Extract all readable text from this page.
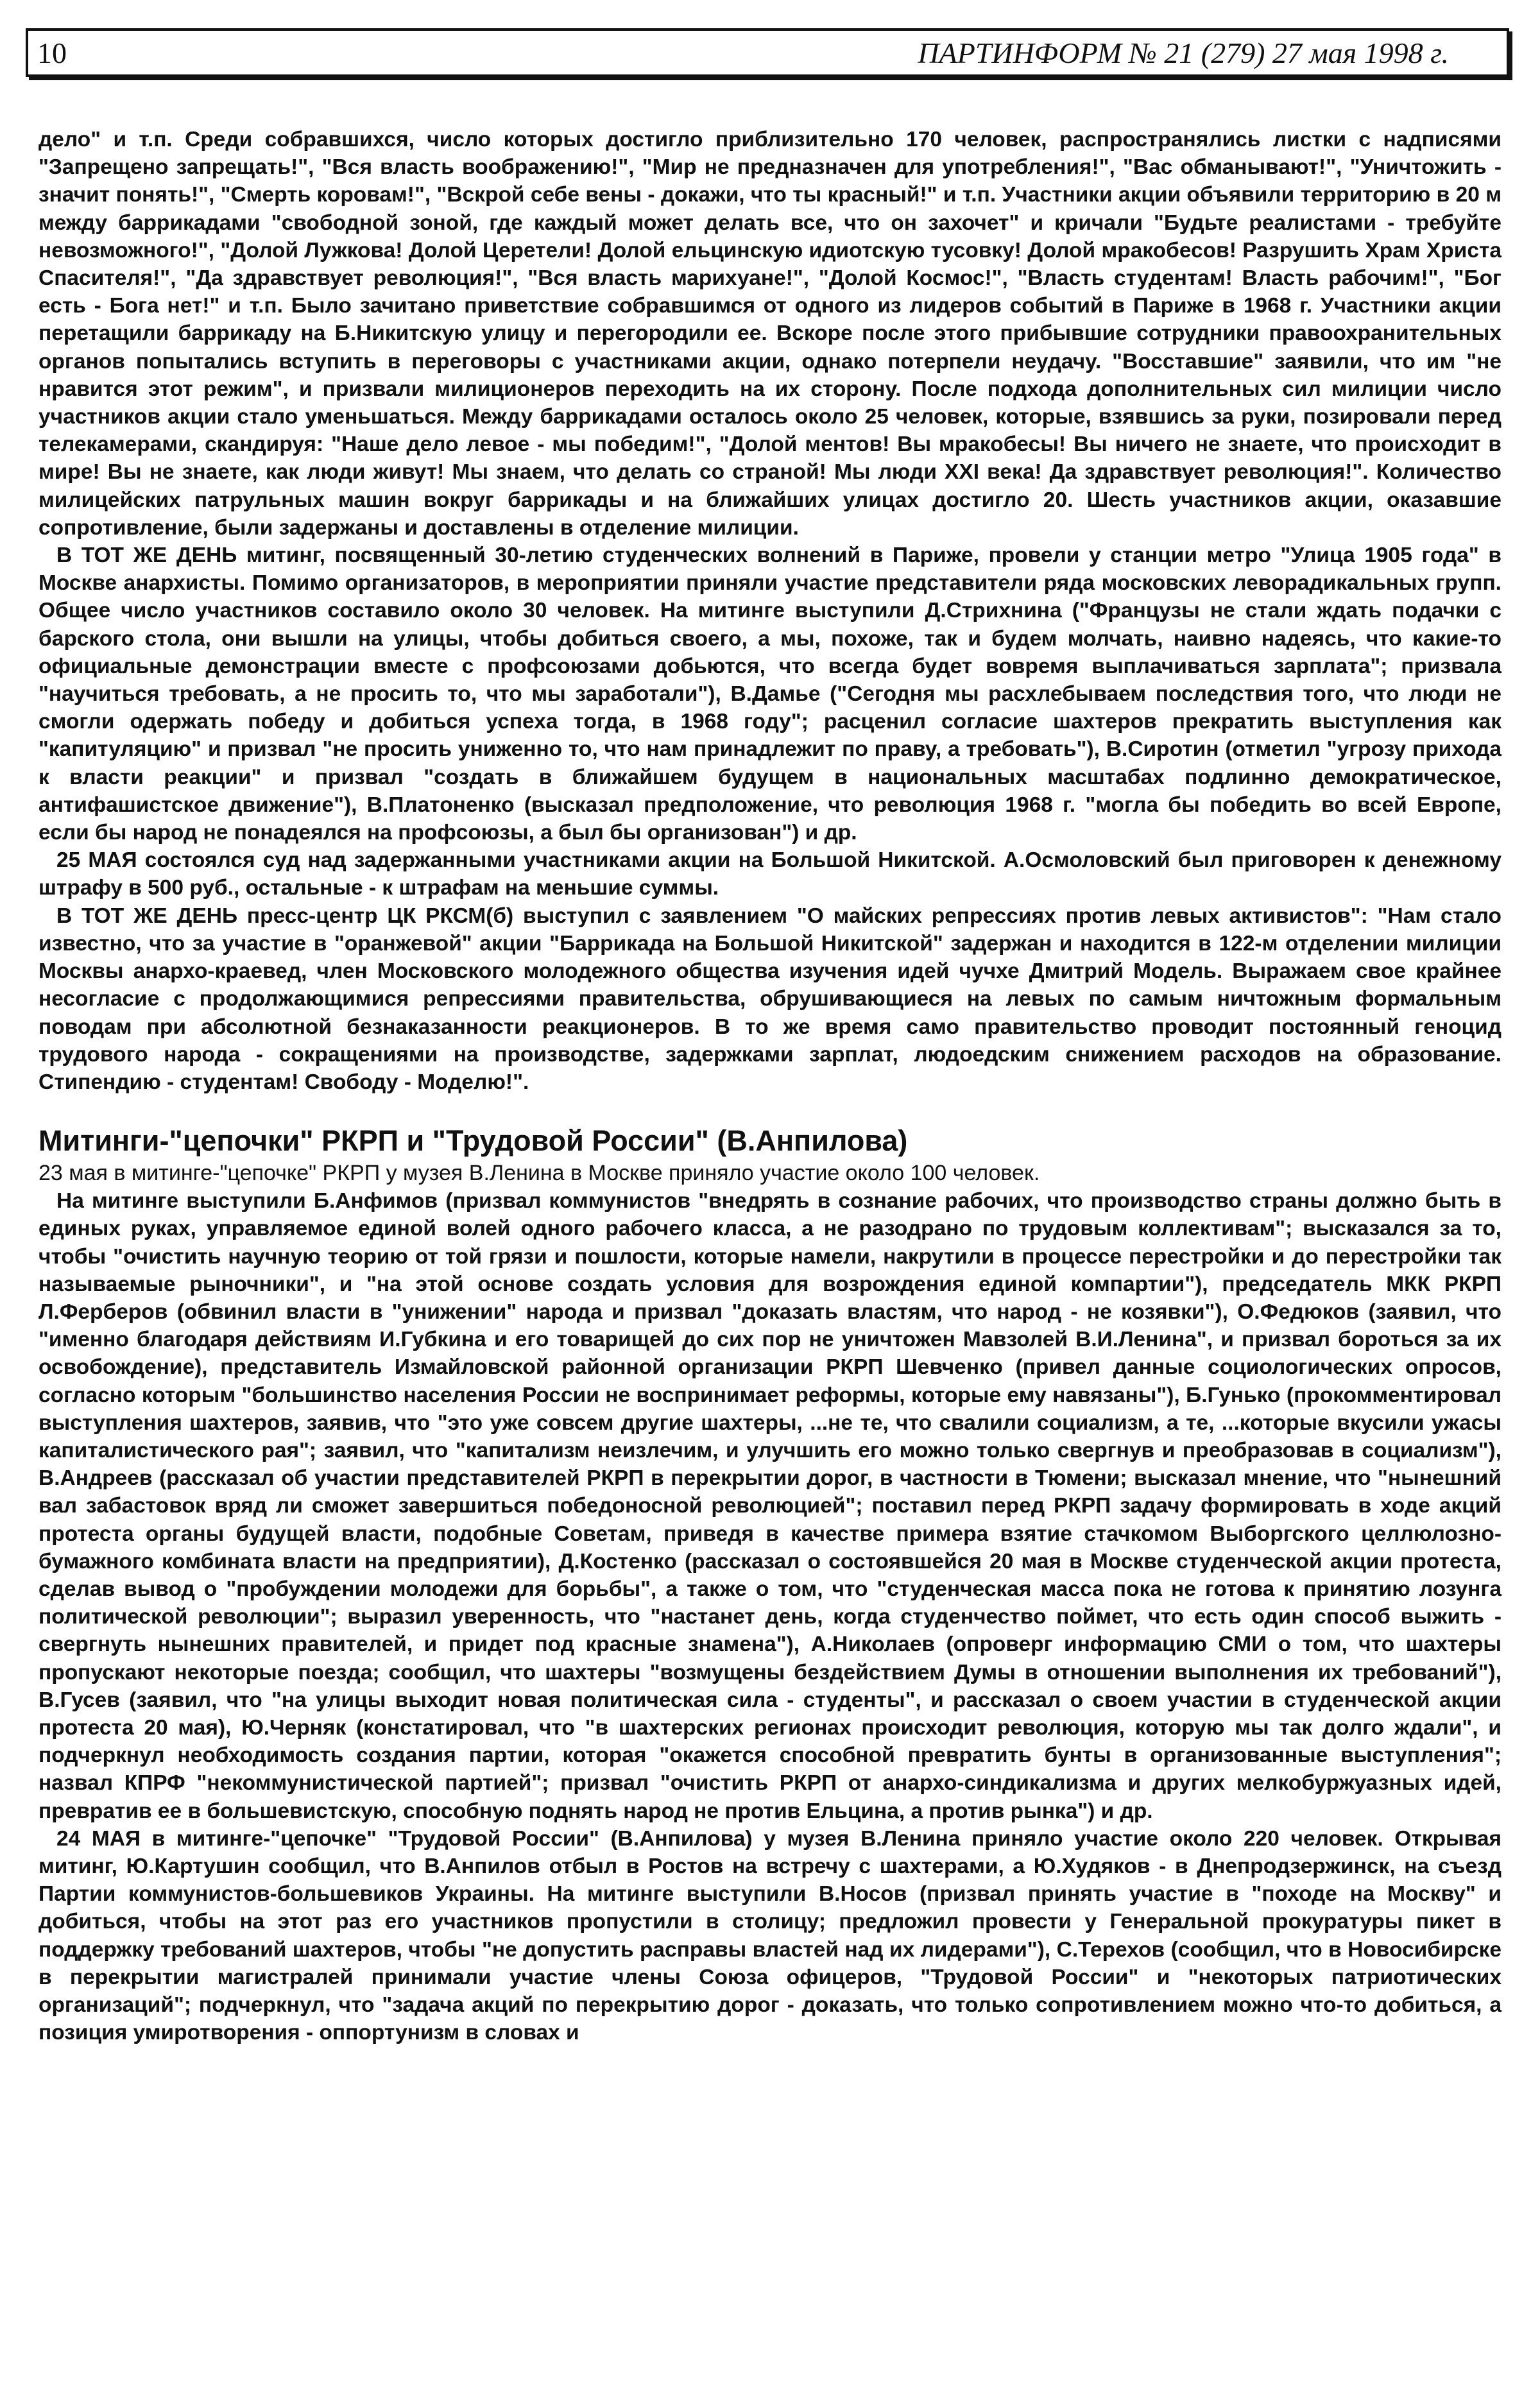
10	ПАРТИНФОРМ № 21 (279) 27 мая 1998 г.

дело" и т.п. Среди собравшихся, число которых достигло приблизительно 170 человек, распространялись листки с надписями "Запрещено запрещать!", "Вся власть воображению!", "Мир не предназначен для употребления!", "Вас обманывают!", "Уничтожить - значит понять!", "Смерть коровам!", "Вскрой себе вены - докажи, что ты красный!" и т.п. Участники акции объявили территорию в 20 м между баррикадами "свободной зоной, где каждый может делать все, что он захочет" и кричали "Будьте реалистами - требуйте невозможного!", "Долой Лужкова! Долой Церетели! Долой ельцинскую идиотскую тусовку! Долой мракобесов! Разрушить Храм Христа Спасителя!", "Да здравствует революция!", "Вся власть марихуане!", "Долой Космос!", "Власть студентам! Власть рабочим!", "Бог есть - Бога нет!" и т.п. Было зачитано приветствие собравшимся от одного из лидеров событий в Париже в 1968 г. Участники акции перетащили баррикаду на Б.Никитскую улицу и перегородили ее. Вскоре после этого прибывшие сотрудники правоохранительных органов попытались вступить в переговоры с участниками акции, однако потерпели неудачу. "Восставшие" заявили, что им "не нравится этот режим", и призвали милиционеров переходить на их сторону. После подхода дополнительных сил милиции число участников акции стало уменьшаться. Между баррикадами осталось около 25 человек, которые, взявшись за руки, позировали перед телекамерами, скандируя: "Наше дело левое - мы победим!", "Долой ментов! Вы мракобесы! Вы ничего не знаете, что происходит в мире! Вы не знаете, как люди живут! Мы знаем, что делать со страной! Мы люди XXI века! Да здравствует революция!". Количество милицейских патрульных машин вокруг баррикады и на ближайших улицах достигло 20. Шесть участников акции, оказавшие сопротивление, были задержаны и доставлены в отделение милиции.

В ТОТ ЖЕ ДЕНЬ митинг, посвященный 30-летию студенческих волнений в Париже, провели у станции метро "Улица 1905 года" в Москве анархисты. Помимо организаторов, в мероприятии приняли участие представители ряда московских леворадикальных групп. Общее число участников составило около 30 человек. На митинге выступили Д.Стрихнина ("Французы не стали ждать подачки с барского стола, они вышли на улицы, чтобы добиться своего, а мы, похоже, так и будем молчать, наивно надеясь, что какие-то официальные демонстрации вместе с профсоюзами добьются, что всегда будет вовремя выплачиваться зарплата"; призвала "научиться требовать, а не просить то, что мы заработали"), В.Дамье ("Сегодня мы расхлебываем последствия того, что люди не смогли одержать победу и добиться успеха тогда, в 1968 году"; расценил согласие шахтеров прекратить выступления как "капитуляцию" и призвал "не просить униженно то, что нам принадлежит по праву, а требовать"), В.Сиротин (отметил "угрозу прихода к власти реакции" и призвал "создать в ближайшем будущем в национальных масштабах подлинно демократическое, антифашистское движение"), В.Платоненко (высказал предположение, что революция 1968 г. "могла бы победить во всей Европе, если бы народ не понадеялся на профсоюзы, а был бы организован") и др.

25 МАЯ состоялся суд над задержанными участниками акции на Большой Никитской. А.Осмоловский был приговорен к денежному штрафу в 500 руб., остальные - к штрафам на меньшие суммы.

В ТОТ ЖЕ ДЕНЬ пресс-центр ЦК РКСМ(б) выступил с заявлением "О майских репрессиях против левых активистов": "Нам стало известно, что за участие в "оранжевой" акции "Баррикада на Большой Никитской" задержан и находится в 122-м отделении милиции Москвы анархо-краевед, член Московского молодежного общества изучения идей чучхе Дмитрий Модель. Выражаем свое крайнее несогласие с продолжающимися репрессиями правительства, обрушивающиеся на левых по самым ничтожным формальным поводам при абсолютной безнаказанности реакционеров. В то же время само правительство проводит постоянный геноцид трудового народа - сокращениями на производстве, задержками зарплат, людоедским снижением расходов на образование. Стипендию - студентам! Свободу - Моделю!".

Митинги-"цепочки" РКРП и "Трудовой России" (В.Анпилова)

23 мая в митинге-"цепочке" РКРП у музея В.Ленина в Москве приняло участие около 100 человек.

На митинге выступили Б.Анфимов (призвал коммунистов "внедрять в сознание рабочих, что производство страны должно быть в единых руках, управляемое единой волей одного рабочего класса, а не разодрано по трудовым коллективам"; высказался за то, чтобы "очистить научную теорию от той грязи и пошлости, которые намели, накрутили в процессе перестройки и до перестройки так называемые рыночники", и "на этой основе создать условия для возрождения единой компартии"), председатель МКК РКРП Л.Ферберов (обвинил власти в "унижении" народа и призвал "доказать властям, что народ - не козявки"), О.Федюков (заявил, что "именно благодаря действиям И.Губкина и его товарищей до сих пор не уничтожен Мавзолей В.И.Ленина", и призвал бороться за их освобождение), представитель Измайловской районной организации РКРП Шевченко (привел данные социологических опросов, согласно которым "большинство населения России не воспринимает реформы, которые ему навязаны"), Б.Гунько (прокомментировал выступления шахтеров, заявив, что "это уже совсем другие шахтеры, ...не те, что свалили социализм, а те, ...которые вкусили ужасы капиталистического рая"; заявил, что "капитализм неизлечим, и улучшить его можно только свергнув и преобразовав в социализм"), В.Андреев (рассказал об участии представителей РКРП в перекрытии дорог, в частности в Тюмени; высказал мнение, что "нынешний вал забастовок вряд ли сможет завершиться победоносной революцией"; поставил перед РКРП задачу формировать в ходе акций протеста органы будущей власти, подобные Советам, приведя в качестве примера взятие стачкомом Выборгского целлюлозно-бумажного комбината власти на предприятии), Д.Костенко (рассказал о состоявшейся 20 мая в Москве студенческой акции протеста, сделав вывод о "пробуждении молодежи для борьбы", а также о том, что "студенческая масса пока не готова к принятию лозунга политической революции"; выразил уверенность, что "настанет день, когда студенчество поймет, что есть один способ выжить - свергнуть нынешних правителей, и придет под красные знамена"), А.Николаев (опроверг информацию СМИ о том, что шахтеры пропускают некоторые поезда; сообщил, что шахтеры "возмущены бездействием Думы в отношении выполнения их требований"), В.Гусев (заявил, что "на улицы выходит новая политическая сила - студенты", и рассказал о своем участии в студенческой акции протеста 20 мая), Ю.Черняк (констатировал, что "в шахтерских регионах происходит революция, которую мы так долго ждали", и подчеркнул необходимость создания партии, которая "окажется способной превратить бунты в организованные выступления"; назвал КПРФ "некоммунистической партией"; призвал "очистить РКРП от анархо-синдикализма и других мелкобуржуазных идей, превратив ее в большевистскую, способную поднять народ не против Ельцина, а против рынка") и др.

24 МАЯ в митинге-"цепочке" "Трудовой России" (В.Анпилова) у музея В.Ленина приняло участие около 220 человек. Открывая митинг, Ю.Картушин сообщил, что В.Анпилов отбыл в Ростов на встречу с шахтерами, а Ю.Худяков - в Днепродзержинск, на съезд Партии коммунистов-большевиков Украины. На митинге выступили В.Носов (призвал принять участие в "походе на Москву" и добиться, чтобы на этот раз его участников пропустили в столицу; предложил провести у Генеральной прокуратуры пикет в поддержку требований шахтеров, чтобы "не допустить расправы властей над их лидерами"), С.Терехов (сообщил, что в Новосибирске в перекрытии магистралей принимали участие члены Союза офицеров, "Трудовой России" и "некоторых патриотических организаций"; подчеркнул, что "задача акций по перекрытию дорог - доказать, что только сопротивлением можно что-то добиться, а позиция умиротворения - оппортунизм в словах и
